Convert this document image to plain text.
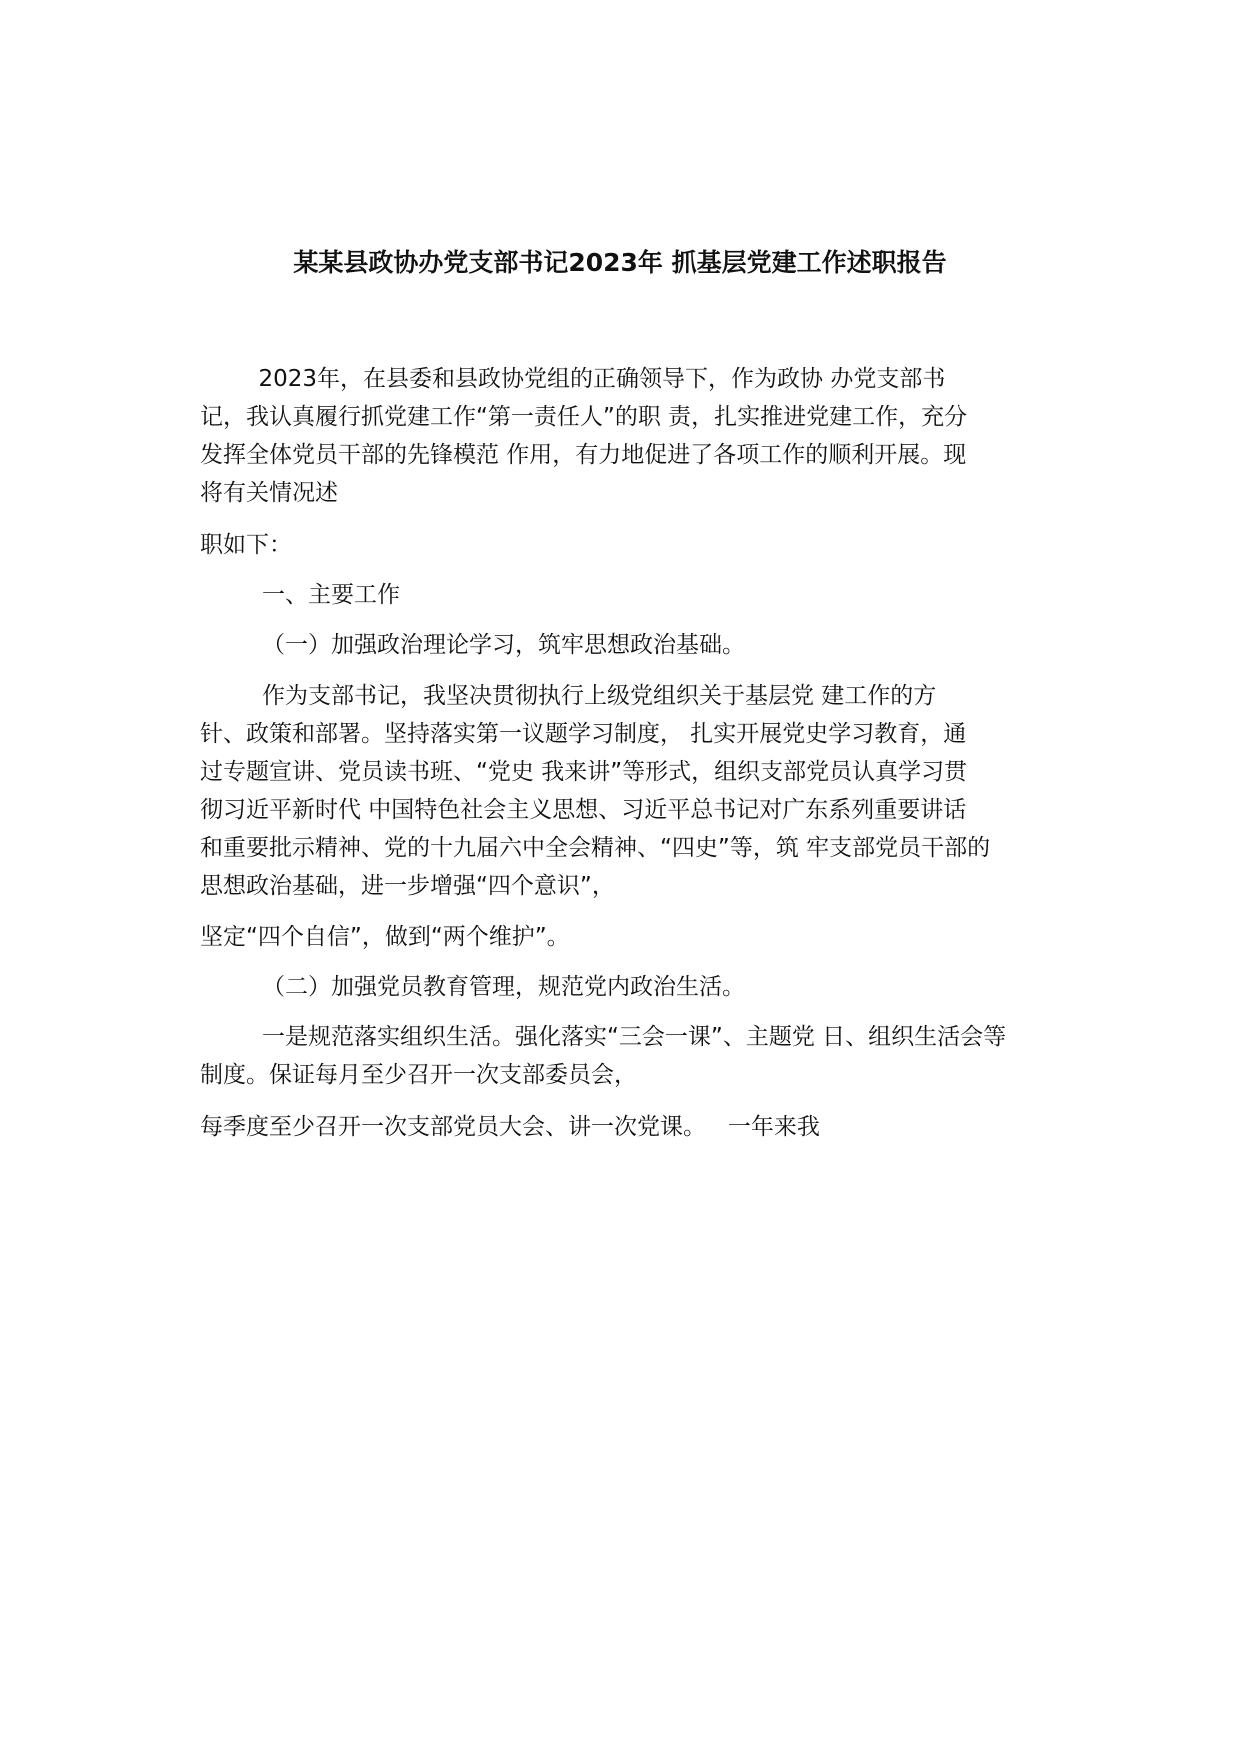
某某县政协办党支部书记2023年 抓基层党建工作述职报告
2023年，在县委和县政协党组的正确领导下，作为政协 办党支部书
记，我认真履行抓党建工作“第一责任人”的职 责，扎实推进党建工作，充分
发挥全体党员干部的先锋模范 作用，有力地促进了各项工作的顺利开展。现
将有关情况述
职如下：
一、主要工作
（一）加强政治理论学习，筑牢思想政治基础。
作为支部书记，我坚决贯彻执行上级党组织关于基层党 建工作的方
针、政策和部署。坚持落实第一议题学习制度， 扎实开展党史学习教育，通
过专题宣讲、党员读书班、“党史 我来讲”等形式，组织支部党员认真学习贯
彻习近平新时代 中国特色社会主义思想、习近平总书记对广东系列重要讲话
和重要批示精神、党的十九届六中全会精神、“四史”等，筑 牢支部党员干部的
思想政治基础，进一步增强“四个意识”，
坚定“四个自信”，做到“两个维护”。
（二）加强党员教育管理，规范党内政治生活。
一是规范落实组织生活。强化落实“三会一课”、主题党 日、组织生活会等
制度。保证每月至少召开一次支部委员会，
每季度至少召开一次支部党员大会、讲一次党课。   一年来我
